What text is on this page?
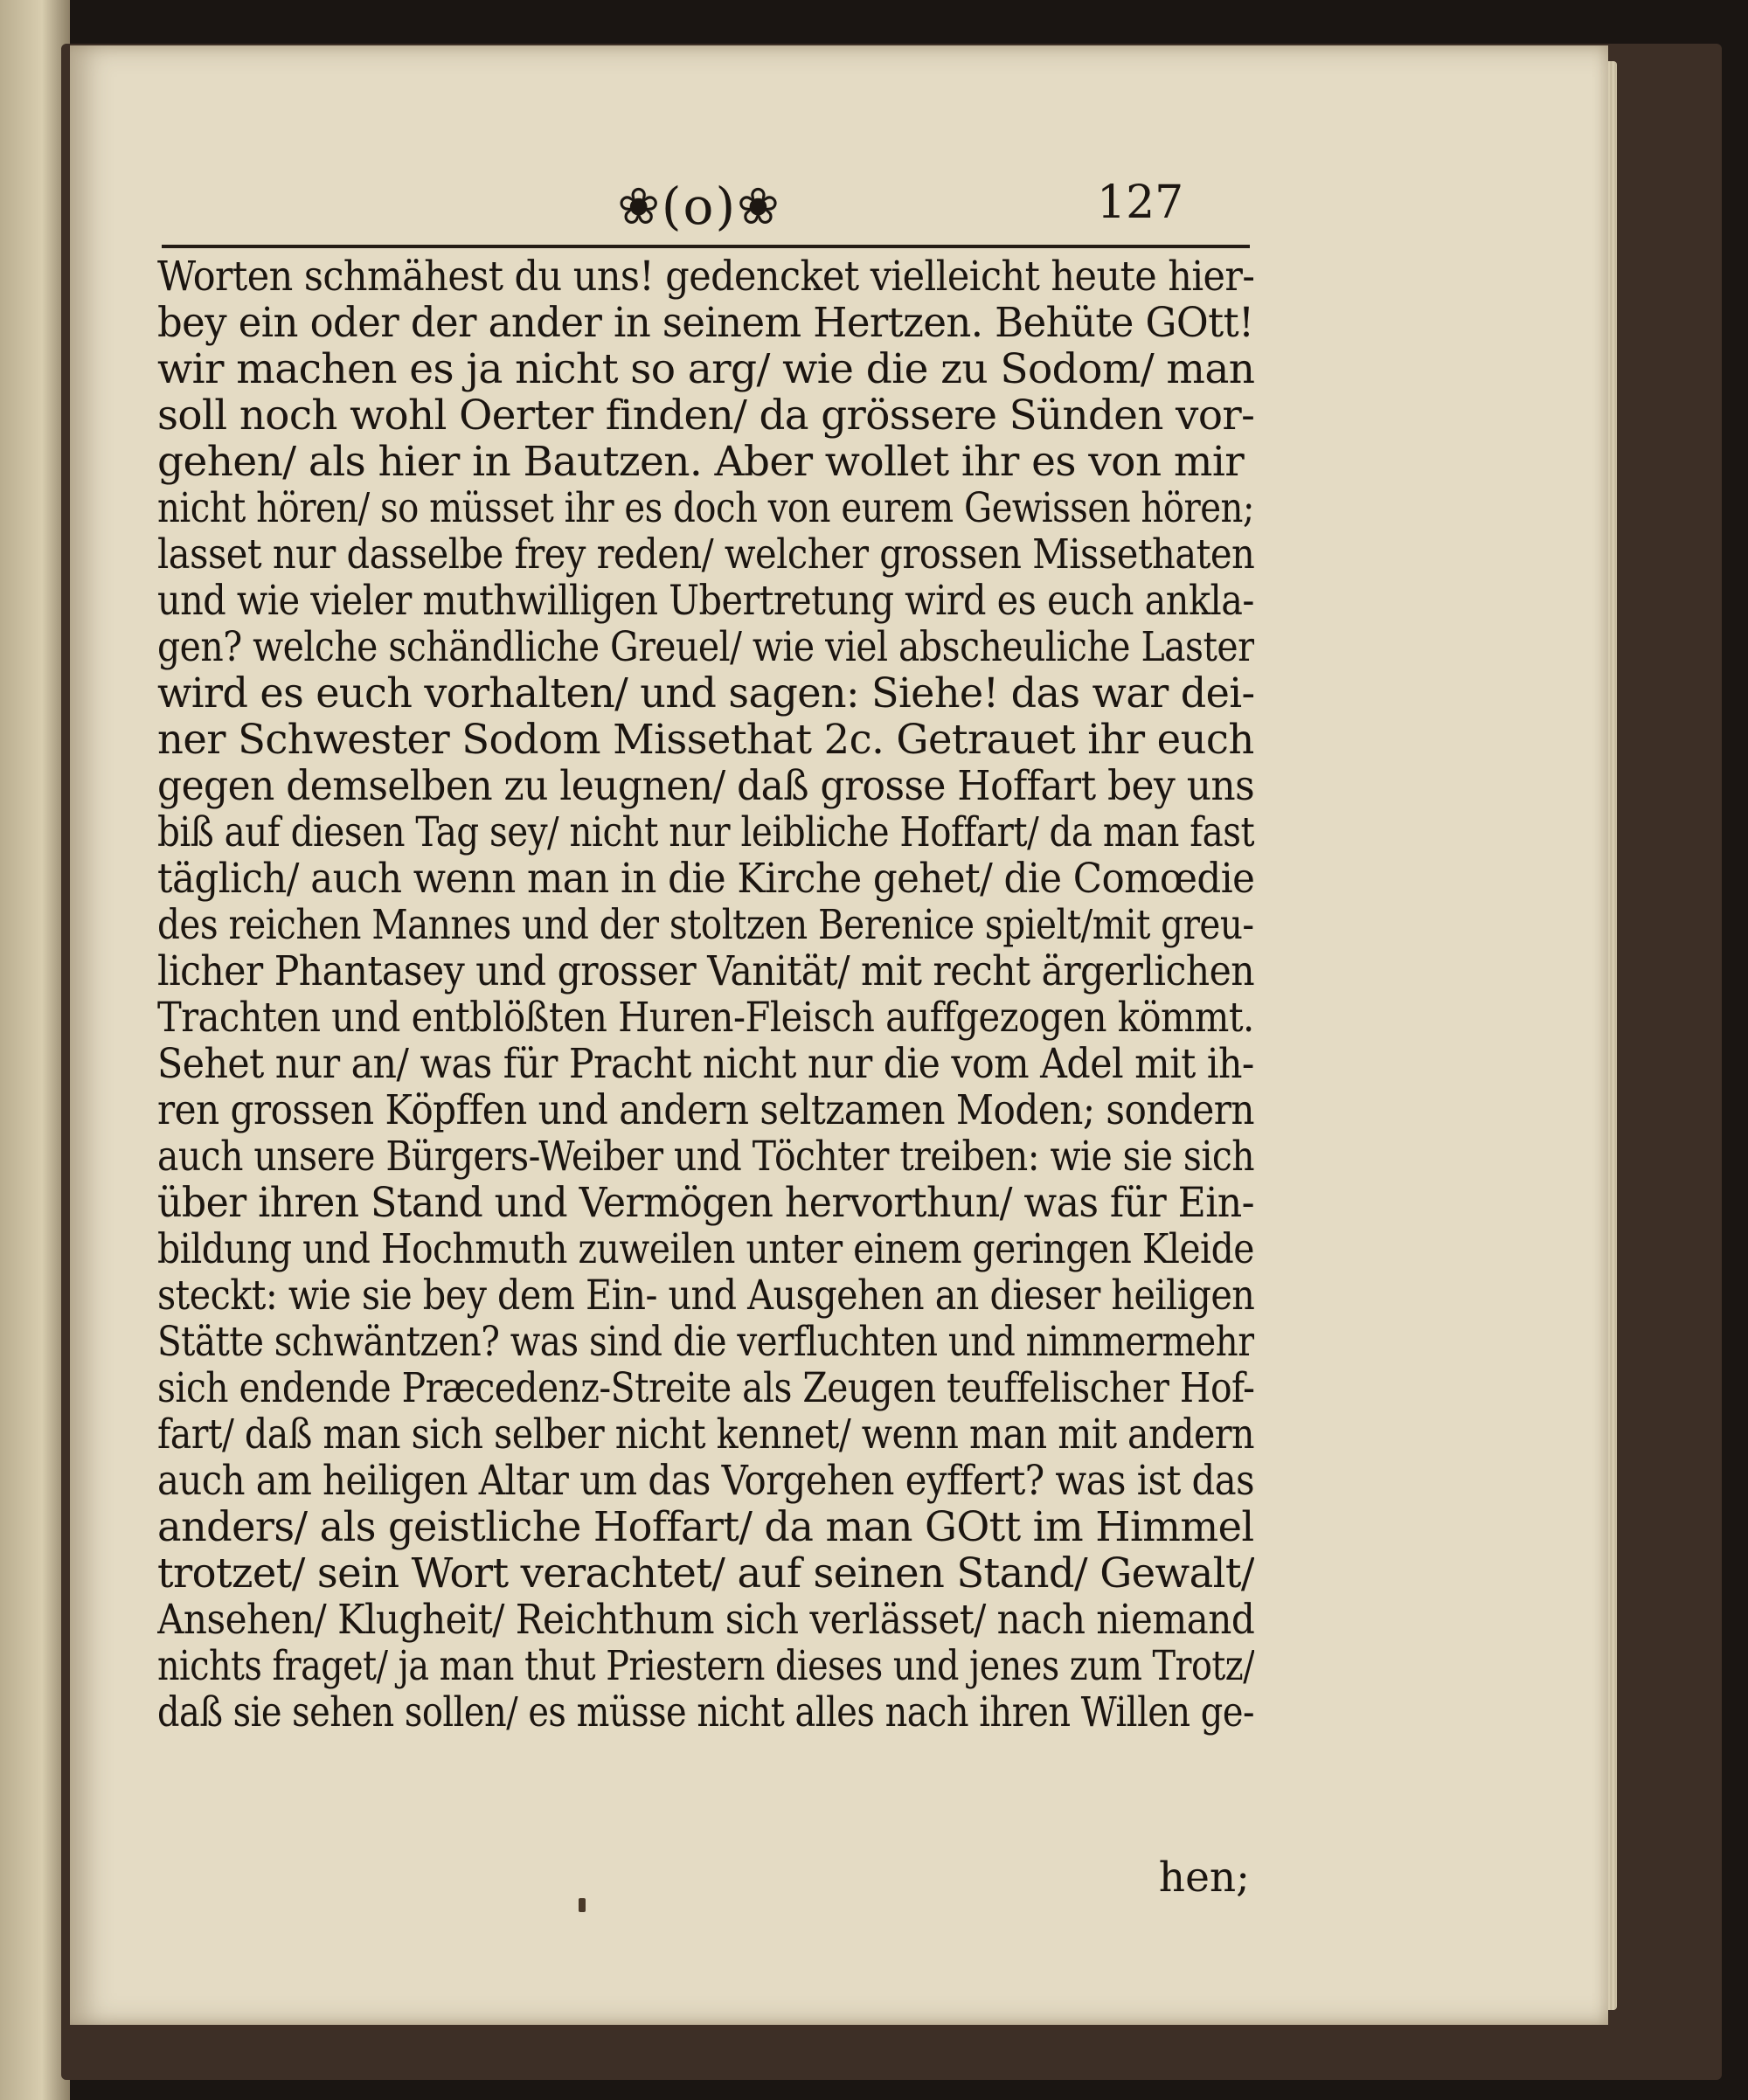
❀(o)❀	127
Worten schmähest du uns! gedencket vielleicht heute hier-
bey ein oder der ander in seinem Hertzen. Behüte GOtt!
wir machen es ja nicht so arg/ wie die zu Sodom/ man
soll noch wohl Oerter finden/ da grössere Sünden vor-
gehen/ als hier in Bautzen. Aber wollet ihr es von mir
nicht hören/ so müsset ihr es doch von eurem Gewissen hören;
lasset nur dasselbe frey reden/ welcher grossen Missethaten
und wie vieler muthwilligen Ubertretung wird es euch ankla-
gen? welche schändliche Greuel/ wie viel abscheuliche Laster
wird es euch vorhalten/ und sagen: Siehe! das war dei-
ner Schwester Sodom Missethat 2c. Getrauet ihr euch
gegen demselben zu leugnen/ daß grosse Hoffart bey uns
biß auf diesen Tag sey/ nicht nur leibliche Hoffart/ da man fast
täglich/ auch wenn man in die Kirche gehet/ die Comœdie
des reichen Mannes und der stoltzen Berenice spielt/mit greu-
licher Phantasey und grosser Vanität/ mit recht ärgerlichen
Trachten und entblößten Huren-Fleisch auffgezogen kömmt.
Sehet nur an/ was für Pracht nicht nur die vom Adel mit ih-
ren grossen Köpffen und andern seltzamen Moden; sondern
auch unsere Bürgers-Weiber und Töchter treiben: wie sie sich
über ihren Stand und Vermögen hervorthun/ was für Ein-
bildung und Hochmuth zuweilen unter einem geringen Kleide
steckt: wie sie bey dem Ein- und Ausgehen an dieser heiligen
Stätte schwäntzen? was sind die verfluchten und nimmermehr
sich endende Præcedenz-Streite als Zeugen teuffelischer Hof-
fart/ daß man sich selber nicht kennet/ wenn man mit andern
auch am heiligen Altar um das Vorgehen eyffert? was ist das
anders/ als geistliche Hoffart/ da man GOtt im Himmel
trotzet/ sein Wort verachtet/ auf seinen Stand/ Gewalt/
Ansehen/ Klugheit/ Reichthum sich verlässet/ nach niemand
nichts fraget/ ja man thut Priestern dieses und jenes zum Trotz/
daß sie sehen sollen/ es müsse nicht alles nach ihren Willen ge-
hen;
